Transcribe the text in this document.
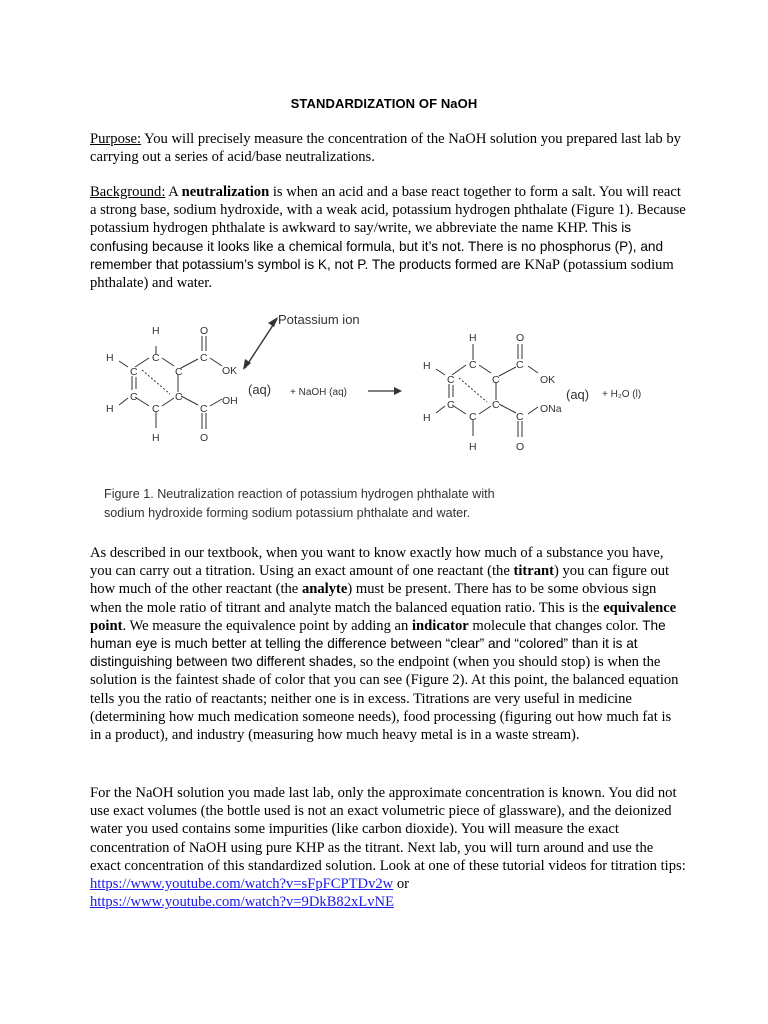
STANDARDIZATION OF NaOH
Purpose: You will precisely measure the concentration of the NaOH solution you prepared last lab by carrying out a series of acid/base neutralizations.
Background: A neutralization is when an acid and a base react together to form a salt. You will react a strong base, sodium hydroxide, with a weak acid, potassium hydrogen phthalate (Figure 1). Because potassium hydrogen phthalate is awkward to say/write, we abbreviate the name KHP. This is confusing because it looks like a chemical formula, but it’s not. There is no phosphorus (P), and remember that potassium’s symbol is K, not P. The products formed are KNaP (potassium sodium phthalate) and water.
H	O
H	C	C
C	C	OK
C	C	OH
H	C	C
H	O
Potassium ion
(aq) + NaOH (aq)
H	O
H	C	C
C	C	OK
C	C	ONa
H	C	C
H	O
(aq) + H₂O (l)
Figure 1. Neutralization reaction of potassium hydrogen phthalate with
sodium hydroxide forming sodium potassium phthalate and water.
As described in our textbook, when you want to know exactly how much of a substance you have, you can carry out a titration. Using an exact amount of one reactant (the titrant) you can figure out how much of the other reactant (the analyte) must be present. There has to be some obvious sign when the mole ratio of titrant and analyte match the balanced equation ratio. This is the equivalence point. We measure the equivalence point by adding an indicator molecule that changes color. The human eye is much better at telling the difference between “clear” and “colored” than it is at distinguishing between two different shades, so the endpoint (when you should stop) is when the solution is the faintest shade of color that you can see (Figure 2). At this point, the balanced equation tells you the ratio of reactants; neither one is in excess. Titrations are very useful in medicine (determining how much medication someone needs), food processing (figuring out how much fat is in a product), and industry (measuring how much heavy metal is in a waste stream).
For the NaOH solution you made last lab, only the approximate concentration is known. You did not use exact volumes (the bottle used is not an exact volumetric piece of glassware), and the deionized water you used contains some impurities (like carbon dioxide). You will measure the exact concentration of NaOH using pure KHP as the titrant. Next lab, you will turn around and use the exact concentration of this standardized solution. Look at one of these tutorial videos for titration tips: https://www.youtube.com/watch?v=sFpFCPTDv2w or
https://www.youtube.com/watch?v=9DkB82xLvNE
